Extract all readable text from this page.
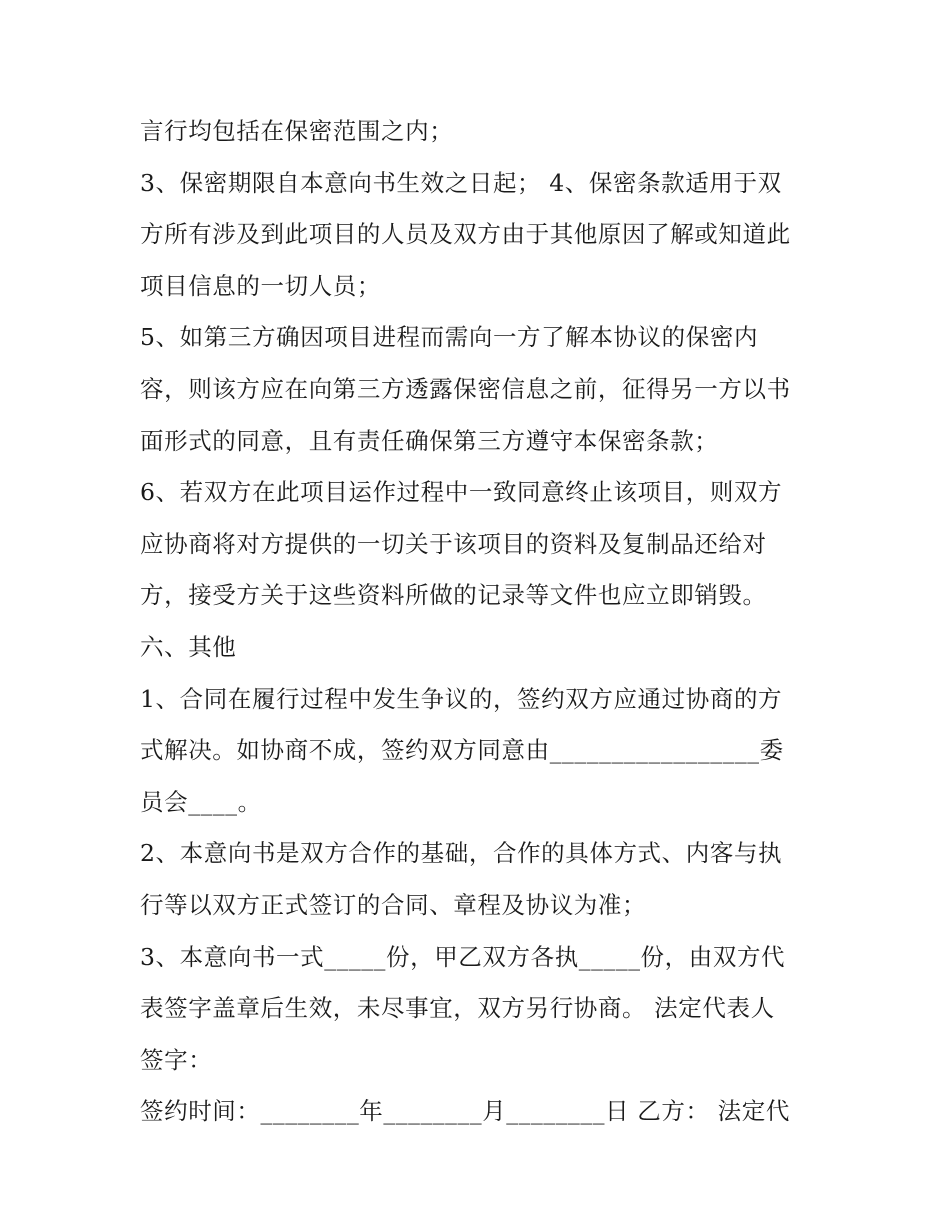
言行均包括在保密范围之内；
3、保密期限自本意向书生效之日起； 4、保密条款适用于双
方所有涉及到此项目的人员及双方由于其他原因了解或知道此
项目信息的一切人员；
5、如第三方确因项目进程而需向一方了解本协议的保密内
容，则该方应在向第三方透露保密信息之前，征得另一方以书
面形式的同意，且有责任确保第三方遵守本保密条款；
6、若双方在此项目运作过程中一致同意终止该项目，则双方
应协商将对方提供的一切关于该项目的资料及复制品还给对
方，接受方关于这些资料所做的记录等文件也应立即销毁。
六、其他
1、合同在履行过程中发生争议的，签约双方应通过协商的方
式解决。如协商不成，签约双方同意由_________________委
员会____。
2、本意向书是双方合作的基础，合作的具体方式、内客与执
行等以双方正式签订的合同、章程及协议为准；
3、本意向书一式_____份，甲乙双方各执_____份，由双方代
表签字盖章后生效，未尽事宜，双方另行协商。 法定代表人
签字：
签约时间：________年________月________日 乙方： 法定代
